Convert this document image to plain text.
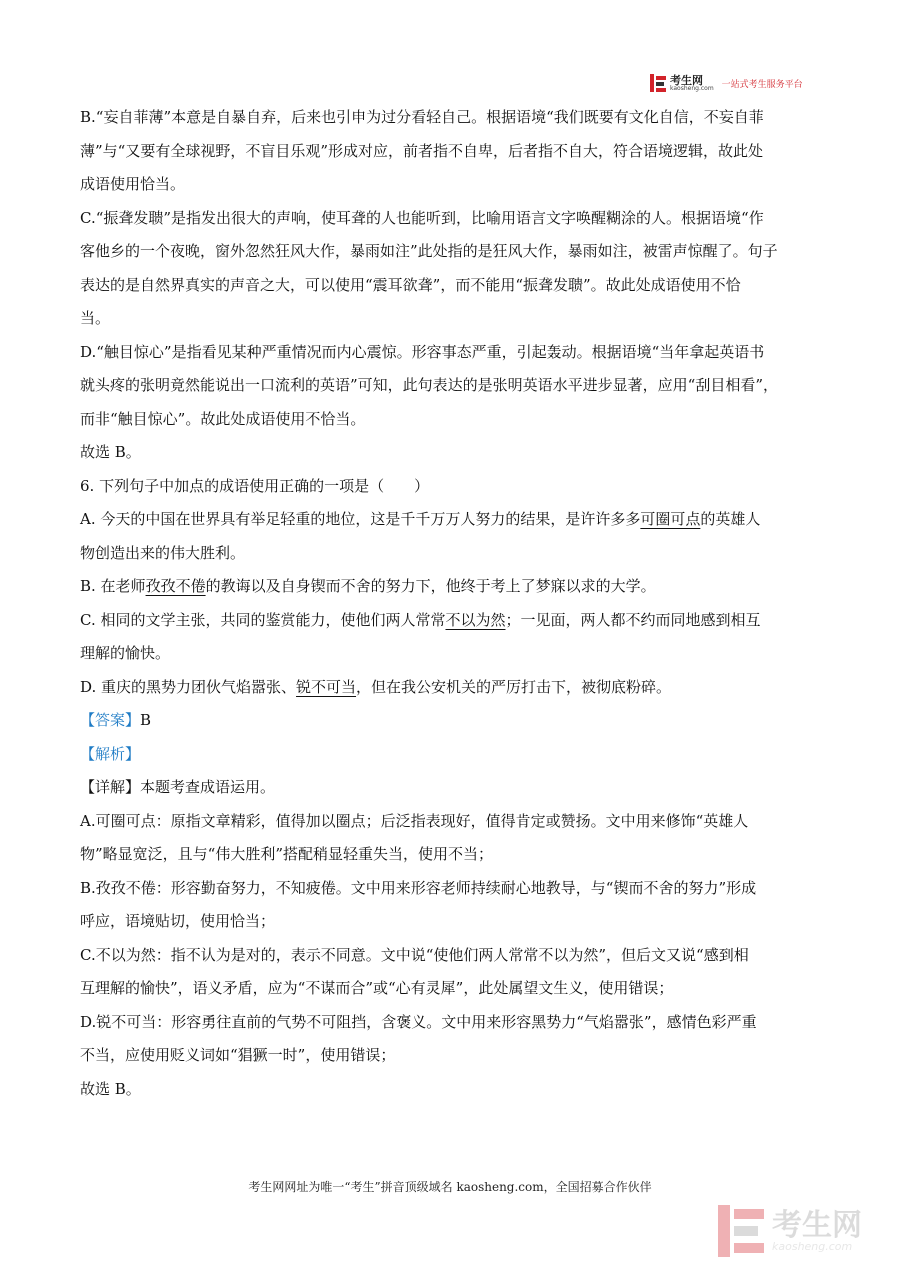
考生网
kaosheng.com 一站式考生服务平台

B.“妄自菲薄”本意是自暴自弃，后来也引申为过分看轻自己。根据语境“我们既要有文化自信，不妄自菲

薄”与“又要有全球视野，不盲目乐观”形成对应，前者指不自卑，后者指不自大，符合语境逻辑，故此处

成语使用恰当。

C.“振聋发聩”是指发出很大的声响，使耳聋的人也能听到，比喻用语言文字唤醒糊涂的人。根据语境“作

客他乡的一个夜晚，窗外忽然狂风大作，暴雨如注”此处指的是狂风大作，暴雨如注，被雷声惊醒了。句子

表达的是自然界真实的声音之大，可以使用“震耳欲聋”，而不能用“振聋发聩”。故此处成语使用不恰

当。

D.“触目惊心”是指看见某种严重情况而内心震惊。形容事态严重，引起轰动。根据语境“当年拿起英语书

就头疼的张明竟然能说出一口流利的英语”可知，此句表达的是张明英语水平进步显著，应用“刮目相看”，

而非“触目惊心”。故此处成语使用不恰当。

故选 B。

6. 下列句子中加点的成语使用正确的一项是（　　）

A. 今天的中国在世界具有举足轻重的地位，这是千千万万人努力的结果，是许许多多可圈可点的英雄人

物创造出来的伟大胜利。

B. 在老师孜孜不倦的教诲以及自身锲而不舍的努力下，他终于考上了梦寐以求的大学。

C. 相同的文学主张，共同的鉴赏能力，使他们两人常常不以为然；一见面，两人都不约而同地感到相互

理解的愉快。

D. 重庆的黑势力团伙气焰嚣张、锐不可当，但在我公安机关的严厉打击下，被彻底粉碎。

【答案】B

【解析】

【详解】本题考查成语运用。

A.可圈可点：原指文章精彩，值得加以圈点；后泛指表现好，值得肯定或赞扬。文中用来修饰“英雄人

物”略显宽泛，且与“伟大胜利”搭配稍显轻重失当，使用不当；

B.孜孜不倦：形容勤奋努力，不知疲倦。文中用来形容老师持续耐心地教导，与“锲而不舍的努力”形成

呼应，语境贴切，使用恰当；

C.不以为然：指不认为是对的，表示不同意。文中说“使他们两人常常不以为然”，但后文又说“感到相

互理解的愉快”，语义矛盾，应为“不谋而合”或“心有灵犀”，此处属望文生义，使用错误；

D.锐不可当：形容勇往直前的气势不可阻挡，含褒义。文中用来形容黑势力“气焰嚣张”，感情色彩严重

不当，应使用贬义词如“猖獗一时”，使用错误；

故选 B。

考生网网址为唯一“考生”拼音顶级域名 kaosheng.com，全国招募合作伙伴
考生网
kaosheng.com
